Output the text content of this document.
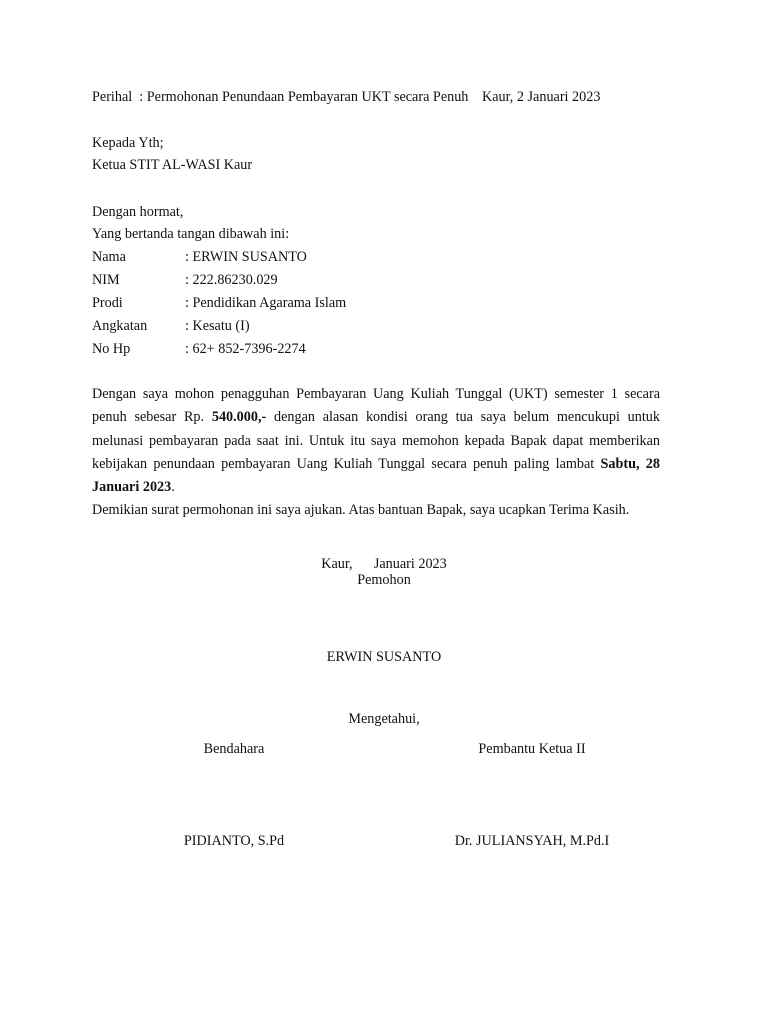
Perihal : Permohonan Penundaan Pembayaran UKT secara Penuh Kaur, 2 Januari 2023
Kepada Yth;
Ketua STIT AL-WASI Kaur
Dengan hormat,
Yang bertanda tangan dibawah ini:
Nama	: ERWIN SUSANTO
NIM	: 222.86230.029
Prodi	: Pendidikan Agarama Islam
Angkatan	: Kesatu (I)
No Hp	: 62+ 852-7396-2274
Dengan saya mohon penagguhan Pembayaran Uang Kuliah Tunggal (UKT) semester 1 secara penuh sebesar Rp. 540.000,- dengan alasan kondisi orang tua saya belum mencukupi untuk melunasi pembayaran pada saat ini. Untuk itu saya memohon kepada Bapak dapat memberikan kebijakan penundaan pembayaran Uang Kuliah Tunggal secara penuh paling lambat Sabtu, 28 Januari 2023.
Demikian surat permohonan ini saya ajukan. Atas bantuan Bapak, saya ucapkan Terima Kasih.
Kaur,      Januari 2023
Pemohon
ERWIN SUSANTO
Mengetahui,
Bendahara	Pembantu Ketua II
PIDIANTO, S.Pd	Dr. JULIANSYAH, M.Pd.I
